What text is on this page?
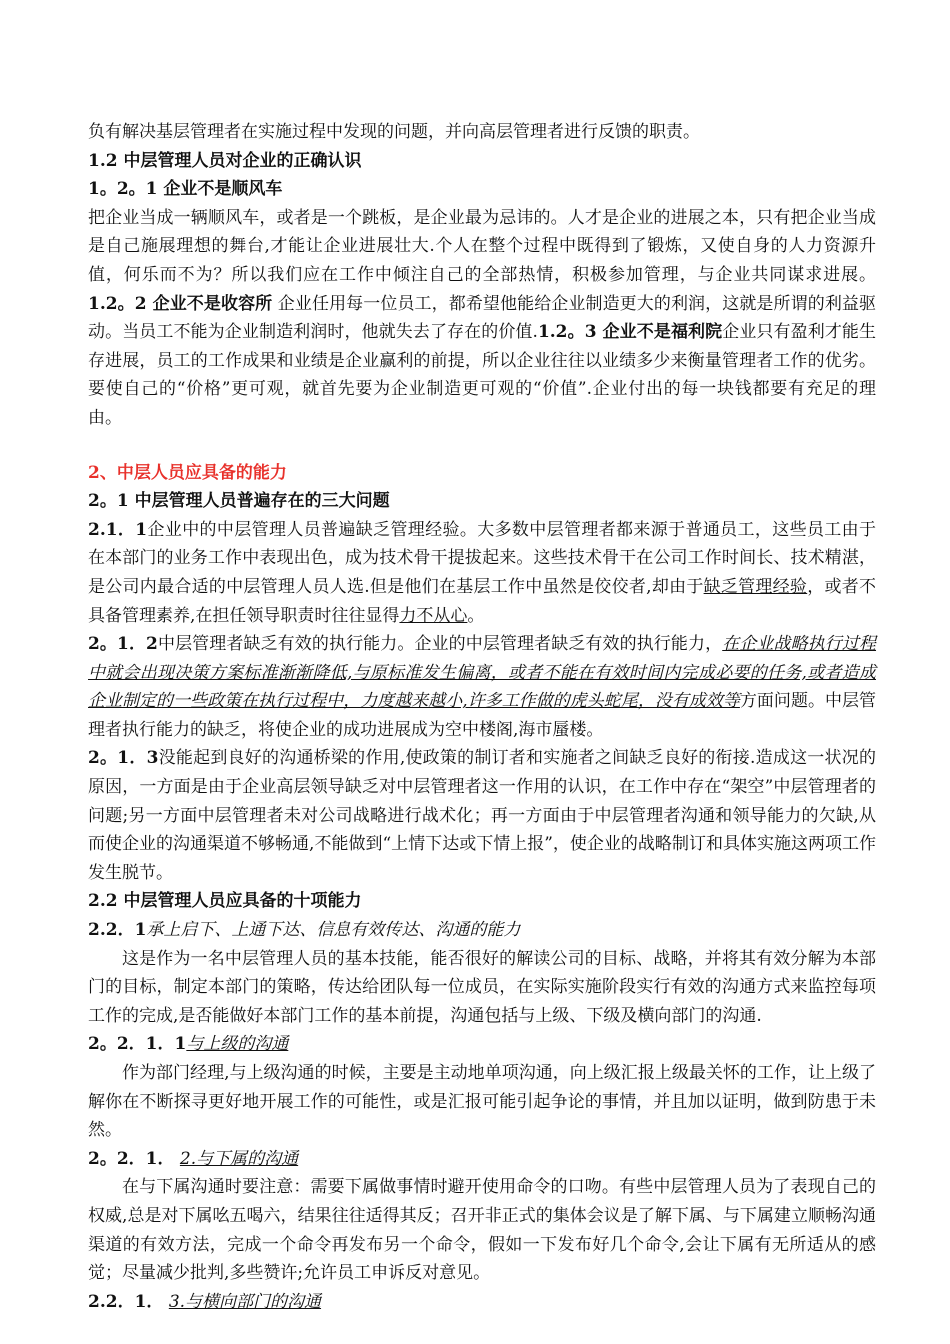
负有解决基层管理者在实施过程中发现的问题，并向高层管理者进行反馈的职责。

1.2 中层管理人员对企业的正确认识

1。2。1 企业不是顺风车

把企业当成一辆顺风车，或者是一个跳板，是企业最为忌讳的。人才是企业的进展之本，只有把企业当成是自己施展理想的舞台,才能让企业进展壮大.个人在整个过程中既得到了锻炼，又使自身的人力资源升值，何乐而不为？所以我们应在工作中倾注自己的全部热情，积极参加管理，与企业共同谋求进展。1.2。2 企业不是收容所 企业任用每一位员工，都希望他能给企业制造更大的利润，这就是所谓的利益驱动。当员工不能为企业制造利润时，他就失去了存在的价值.1.2。3 企业不是福利院企业只有盈利才能生存进展，员工的工作成果和业绩是企业赢利的前提，所以企业往往以业绩多少来衡量管理者工作的优劣。要使自己的“价格”更可观，就首先要为企业制造更可观的“价值”.企业付出的每一块钱都要有充足的理由。

2、中层人员应具备的能力

2。1 中层管理人员普遍存在的三大问题

2.1．1企业中的中层管理人员普遍缺乏管理经验。大多数中层管理者都来源于普通员工，这些员工由于在本部门的业务工作中表现出色，成为技术骨干提拔起来。这些技术骨干在公司工作时间长、技术精湛，是公司内最合适的中层管理人员人选.但是他们在基层工作中虽然是佼佼者,却由于缺乏管理经验，或者不具备管理素养,在担任领导职责时往往显得力不从心。

2。1．2中层管理者缺乏有效的执行能力。企业的中层管理者缺乏有效的执行能力，在企业战略执行过程中就会出现决策方案标准渐渐降低,与原标准发生偏离，或者不能在有效时间内完成必要的任务,或者造成企业制定的一些政策在执行过程中，力度越来越小,许多工作做的虎头蛇尾，没有成效等方面问题。中层管理者执行能力的缺乏，将使企业的成功进展成为空中楼阁,海市蜃楼。

2。1．3没能起到良好的沟通桥梁的作用,使政策的制订者和实施者之间缺乏良好的衔接.造成这一状况的原因，一方面是由于企业高层领导缺乏对中层管理者这一作用的认识，在工作中存在“架空”中层管理者的问题;另一方面中层管理者未对公司战略进行战术化；再一方面由于中层管理者沟通和领导能力的欠缺,从而使企业的沟通渠道不够畅通,不能做到“上情下达或下情上报”，使企业的战略制订和具体实施这两项工作发生脱节。

2.2 中层管理人员应具备的十项能力

2.2．1承上启下、上通下达、信息有效传达、沟通的能力

这是作为一名中层管理人员的基本技能，能否很好的解读公司的目标、战略，并将其有效分解为本部门的目标，制定本部门的策略，传达给团队每一位成员，在实际实施阶段实行有效的沟通方式来监控每项工作的完成,是否能做好本部门工作的基本前提，沟通包括与上级、下级及横向部门的沟通.

2。2．1．1与上级的沟通

作为部门经理,与上级沟通的时候，主要是主动地单项沟通，向上级汇报上级最关怀的工作，让上级了解你在不断探寻更好地开展工作的可能性，或是汇报可能引起争论的事情，并且加以证明，做到防患于未然。

2。2．1． 2.与下属的沟通

在与下属沟通时要注意：需要下属做事情时避开使用命令的口吻。有些中层管理人员为了表现自己的权威,总是对下属吆五喝六，结果往往适得其反；召开非正式的集体会议是了解下属、与下属建立顺畅沟通渠道的有效方法，完成一个命令再发布另一个命令，假如一下发布好几个命令,会让下属有无所适从的感觉；尽量减少批判,多些赞许;允许员工申诉反对意见。

2.2．1． 3.与横向部门的沟通
